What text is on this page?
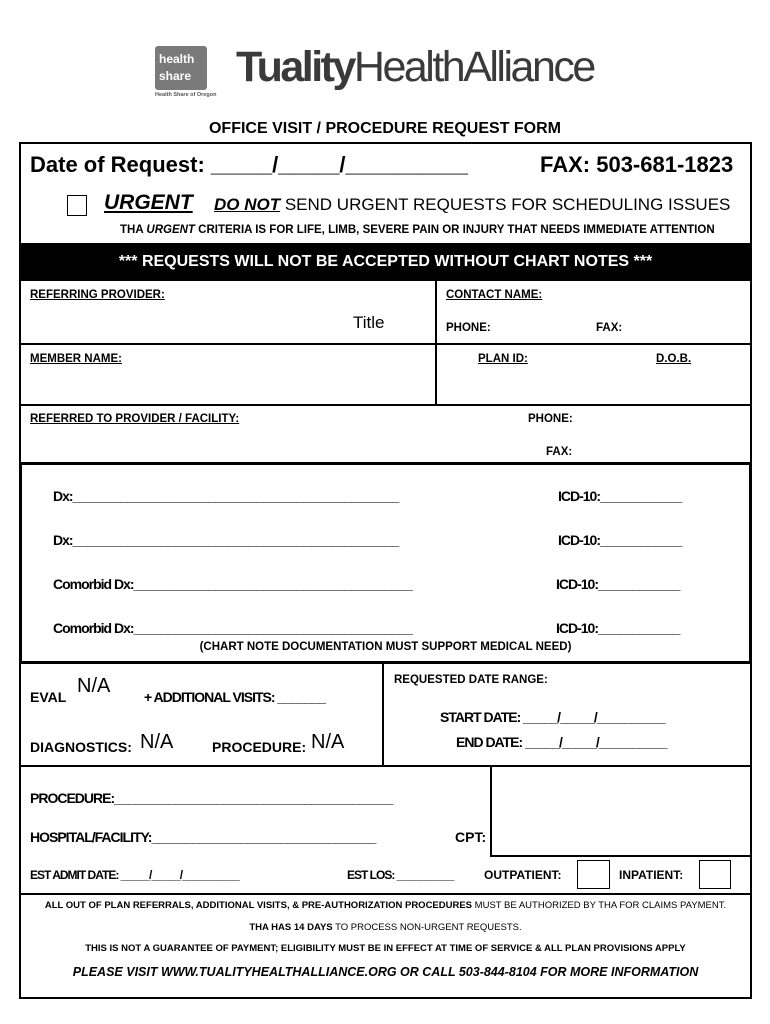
health
share
Health Share of Oregon
TualityHealthAlliance
OFFICE VISIT / PROCEDURE REQUEST FORM
Date of Request: _____/_____/__________	FAX: 503-681-1823
URGENT DO NOT SEND URGENT REQUESTS FOR SCHEDULING ISSUES
THA URGENT CRITERIA IS FOR LIFE, LIMB, SEVERE PAIN OR INJURY THAT NEEDS IMMEDIATE ATTENTION
*** REQUESTS WILL NOT BE ACCEPTED WITHOUT CHART NOTES ***
REFERRING PROVIDER:
Title
CONTACT NAME:
PHONE:	FAX:
MEMBER NAME:	PLAN ID:	D.O.B.
REFERRED TO PROVIDER / FACILITY:	PHONE:
FAX:
Dx:________________________________________________	ICD-10:____________
Dx:________________________________________________	ICD-10:____________
Comorbid Dx:_________________________________________	ICD-10:____________
Comorbid Dx:_________________________________________	ICD-10:____________
(CHART NOTE DOCUMENTATION MUST SUPPORT MEDICAL NEED)
EVAL N/A + ADDITIONAL VISITS: _______
DIAGNOSTICS: N/A	PROCEDURE: N/A
REQUESTED DATE RANGE:
START DATE: _____/_____/__________
END DATE: _____/_____/__________
PROCEDURE:_________________________________________
HOSPITAL/FACILITY:_________________________________	CPT:
EST ADMIT DATE: _____/_____/__________	EST LOS: __________	OUTPATIENT:	INPATIENT:
ALL OUT OF PLAN REFERRALS, ADDITIONAL VISITS, & PRE-AUTHORIZATION PROCEDURES MUST BE AUTHORIZED BY THA FOR CLAIMS PAYMENT.
THA HAS 14 DAYS TO PROCESS NON-URGENT REQUESTS.
THIS IS NOT A GUARANTEE OF PAYMENT; ELIGIBILITY MUST BE IN EFFECT AT TIME OF SERVICE & ALL PLAN PROVISIONS APPLY
PLEASE VISIT WWW.TUALITYHEALTHALLIANCE.ORG OR CALL 503-844-8104 FOR MORE INFORMATION
